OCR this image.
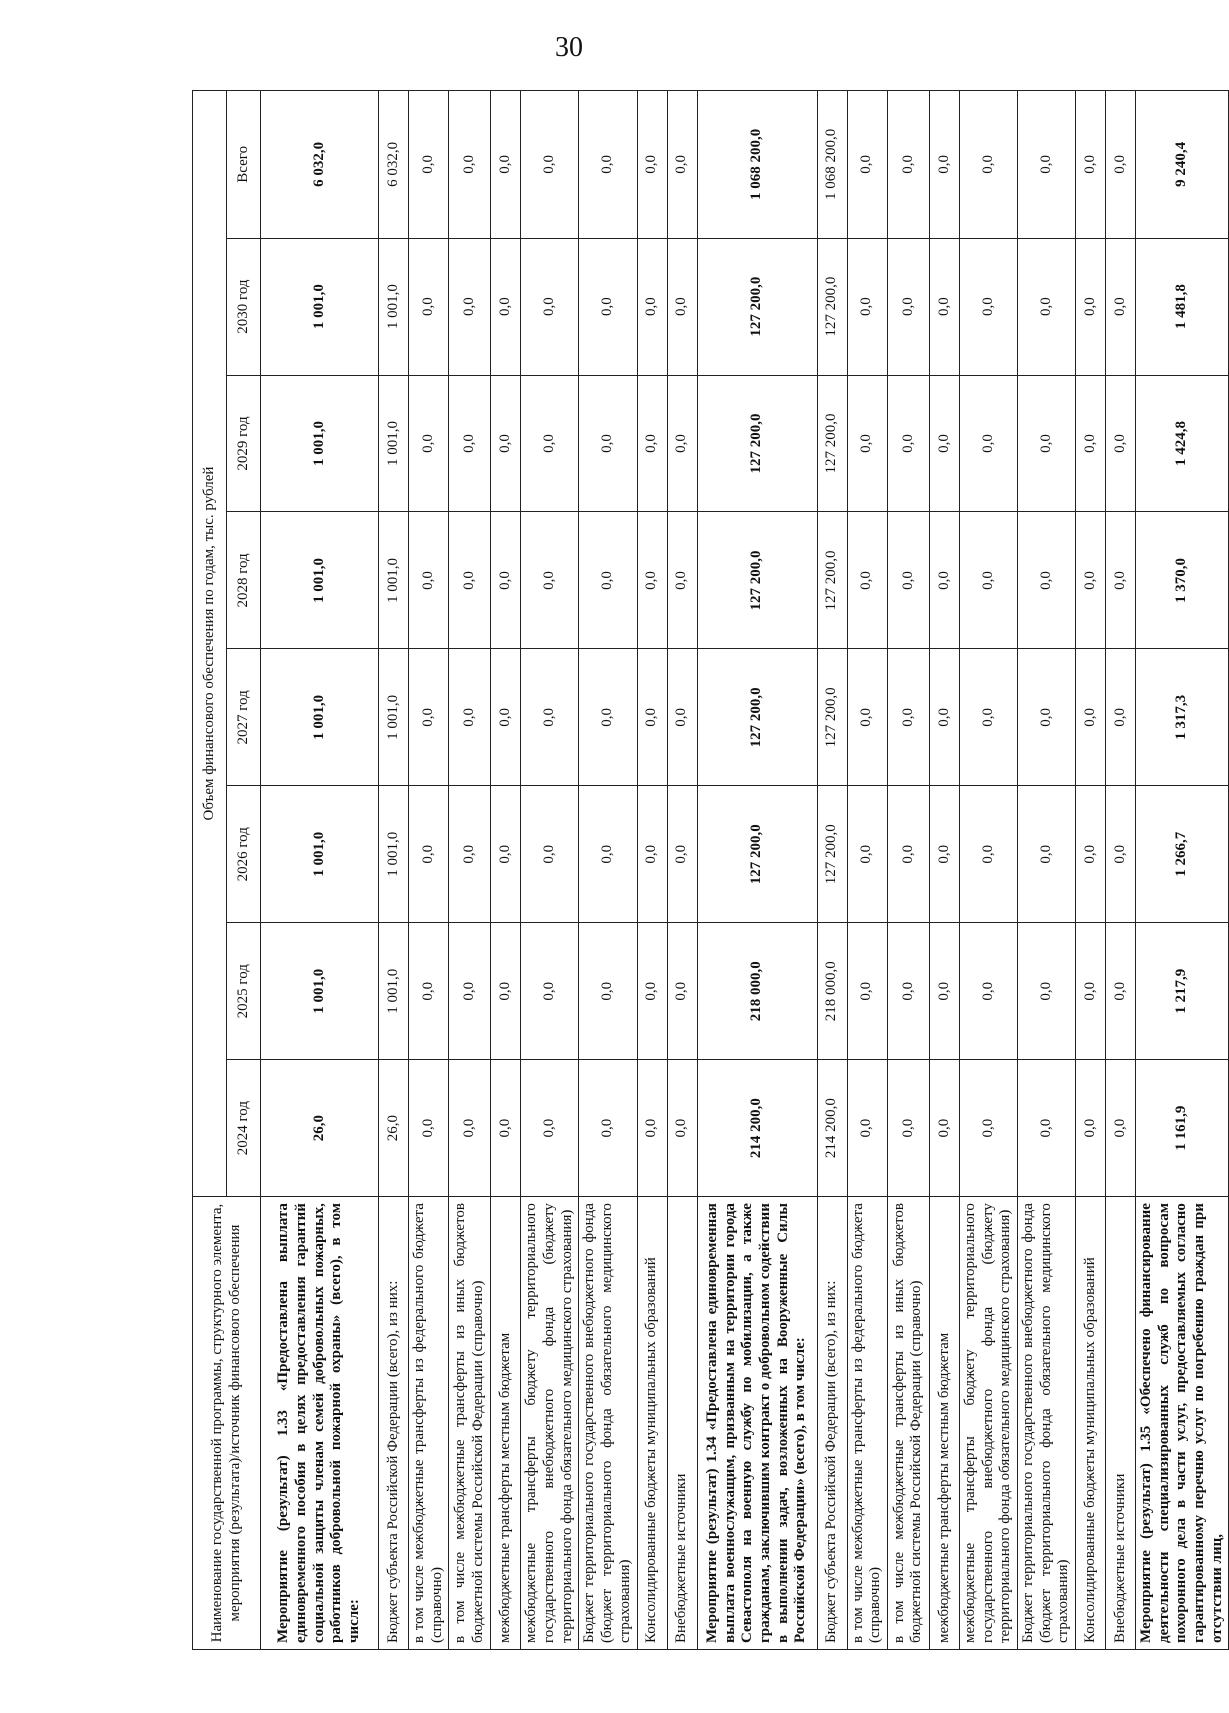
30
Наименование государственной программы, структурного элемента, мероприятия (результата)/источник финансового обеспечения	Объем финансового обеспечения по годам, тыс. рублей							
	2024 год	2025 год	2026 год	2027 год	2028 год	2029 год	2030 год	Всего
Мероприятие (результат) 1.33 «Предоставлена выплата единовременного пособия в целях предоставления гарантий социальной защиты членам семей добровольных пожарных, работников добровольной пожарной охраны» (всего), в том числе:	26,0	1 001,0	1 001,0	1 001,0	1 001,0	1 001,0	1 001,0	6 032,0
Бюджет субъекта Российской Федерации (всего), из них:	26,0	1 001,0	1 001,0	1 001,0	1 001,0	1 001,0	1 001,0	6 032,0
в том числе межбюджетные трансферты из федерального бюджета (справочно)	0,0	0,0	0,0	0,0	0,0	0,0	0,0	0,0
в том числе межбюджетные трансферты из иных бюджетов бюджетной системы Российской Федерации (справочно)	0,0	0,0	0,0	0,0	0,0	0,0	0,0	0,0
межбюджетные трансферты местным бюджетам	0,0	0,0	0,0	0,0	0,0	0,0	0,0	0,0
межбюджетные трансферты бюджету территориального государственного внебюджетного фонда (бюджету территориального фонда обязательного медицинского страхования)	0,0	0,0	0,0	0,0	0,0	0,0	0,0	0,0
Бюджет территориального государственного внебюджетного фонда (бюджет территориального фонда обязательного медицинского страхования)	0,0	0,0	0,0	0,0	0,0	0,0	0,0	0,0
Консолидированные бюджеты муниципальных образований	0,0	0,0	0,0	0,0	0,0	0,0	0,0	0,0
Внебюджетные источники	0,0	0,0	0,0	0,0	0,0	0,0	0,0	0,0
Мероприятие (результат) 1.34 «Предоставлена единовременная выплата военнослужащим, призванным на территории города Севастополя на военную службу по мобилизации, а также гражданам, заключившим контракт о добровольном содействии в выполнении задач, возложенных на Вооруженные Силы Российской Федерации» (всего), в том числе:	214 200,0	218 000,0	127 200,0	127 200,0	127 200,0	127 200,0	127 200,0	1 068 200,0
Бюджет субъекта Российской Федерации (всего), из них:	214 200,0	218 000,0	127 200,0	127 200,0	127 200,0	127 200,0	127 200,0	1 068 200,0
в том числе межбюджетные трансферты из федерального бюджета (справочно)	0,0	0,0	0,0	0,0	0,0	0,0	0,0	0,0
в том числе межбюджетные трансферты из иных бюджетов бюджетной системы Российской Федерации (справочно)	0,0	0,0	0,0	0,0	0,0	0,0	0,0	0,0
межбюджетные трансферты местным бюджетам	0,0	0,0	0,0	0,0	0,0	0,0	0,0	0,0
межбюджетные трансферты бюджету территориального государственного внебюджетного фонда (бюджету территориального фонда обязательного медицинского страхования)	0,0	0,0	0,0	0,0	0,0	0,0	0,0	0,0
Бюджет территориального государственного внебюджетного фонда (бюджет территориального фонда обязательного медицинского страхования)	0,0	0,0	0,0	0,0	0,0	0,0	0,0	0,0
Консолидированные бюджеты муниципальных образований	0,0	0,0	0,0	0,0	0,0	0,0	0,0	0,0
Внебюджетные источники	0,0	0,0	0,0	0,0	0,0	0,0	0,0	0,0
Мероприятие (результат) 1.35 «Обеспечено финансирование деятельности специализированных служб по вопросам похоронного дела в части услуг, предоставляемых согласно гарантированному перечню услуг по погребению граждан при отсутствии лиц,	1 161,9	1 217,9	1 266,7	1 317,3	1 370,0	1 424,8	1 481,8	9 240,4
